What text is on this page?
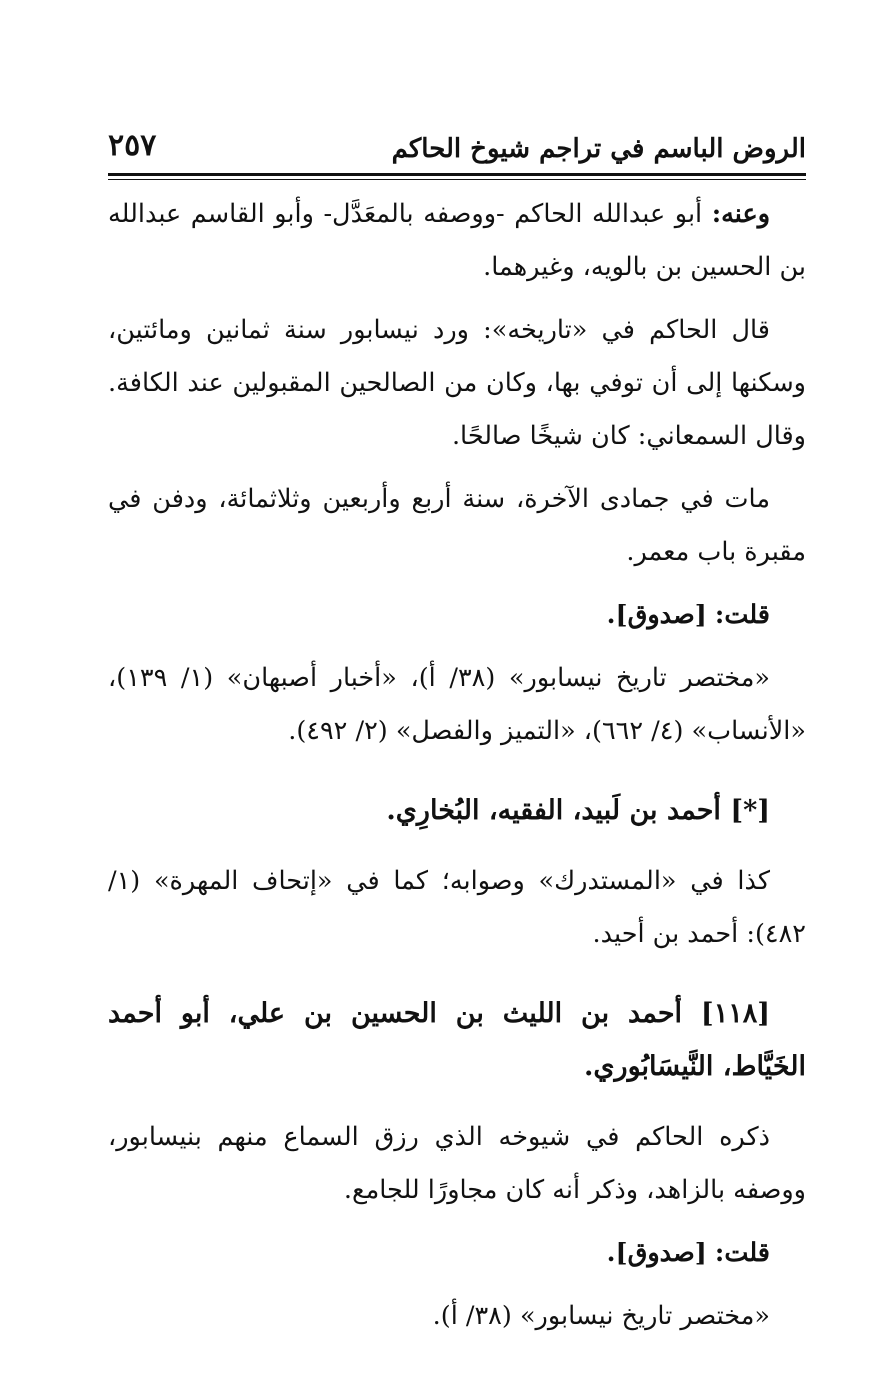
الروض الباسم في تراجم شيوخ الحاكم
٢٥٧

وعنه: أبو عبدالله الحاكم -ووصفه بالمعَدَّل- وأبو القاسم عبدالله بن الحسين بن بالويه، وغيرهما.

قال الحاكم في «تاريخه»: ورد نيسابور سنة ثمانين ومائتين، وسكنها إلى أن توفي بها، وكان من الصالحين المقبولين عند الكافة. وقال السمعاني: كان شيخًا صالحًا.

مات في جمادى الآخرة، سنة أربع وأربعين وثلاثمائة، ودفن في مقبرة باب معمر.

قلت: [صدوق].

«مختصر تاريخ نيسابور» (٣٨/ أ)، «أخبار أصبهان» (١/ ١٣٩)، «الأنساب» (٤/ ٦٦٢)، «التميز والفصل» (٢/ ٤٩٢).

[*] أحمد بن لَبيد، الفقيه، البُخارِي.

كذا في «المستدرك» وصوابه؛ كما في «إتحاف المهرة» (١/ ٤٨٢): أحمد بن أحيد.

[١١٨] أحمد بن الليث بن الحسين بن علي، أبو أحمد الخَيَّاط، النَّيسَابُوري.

ذكره الحاكم في شيوخه الذي رزق السماع منهم بنيسابور، ووصفه بالزاهد، وذكر أنه كان مجاورًا للجامع.

قلت: [صدوق].

«مختصر تاريخ نيسابور» (٣٨/ أ).
